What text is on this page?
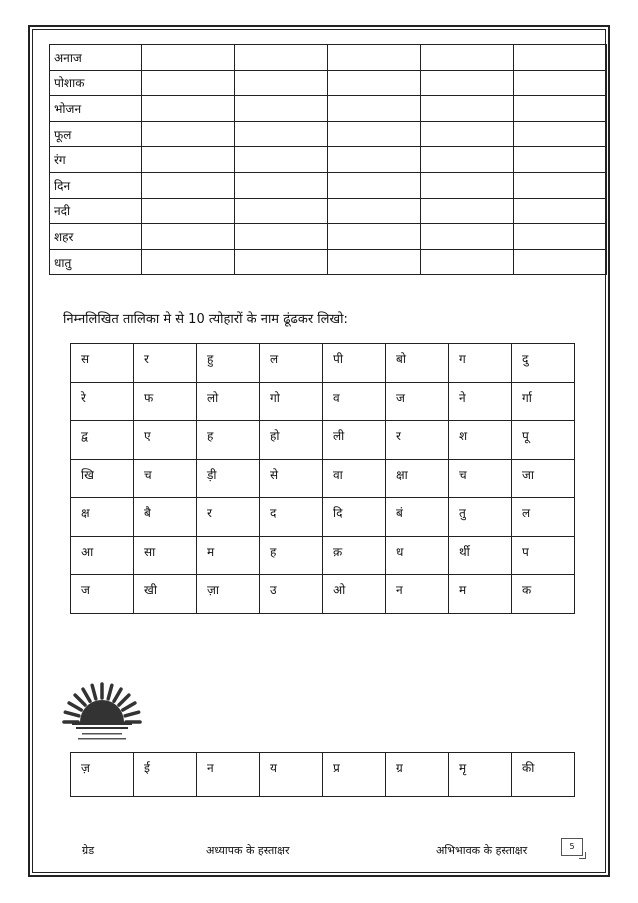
अनाज					
पोशाक					
भोजन					
फूल					
रंग					
दिन					
नदी					
शहर					
धातु					
निम्नलिखित तालिका मे से 10 त्योहारों के नाम ढूंढकर लिखो:
स	र	हु	ल	पी	बो	ग	दु
रे	फ	लो	गो	व	ज	ने	र्गा
द्व	ए	ह	हो	ली	र	श	पू
खि	च	ड़ी	से	वा	क्षा	च	जा
क्ष	बै	र	द	दि	बं	तु	ल
आ	सा	म	ह	क़	ध	र्थी	प
ज	खी	ज़ा	उ	ओ	न	म	क
ज़	ई	न	य	प्र	ग्र	मृ	की
ग्रेड	अध्यापक के हस्ताक्षर	अभिभावक के हस्ताक्षर	5
